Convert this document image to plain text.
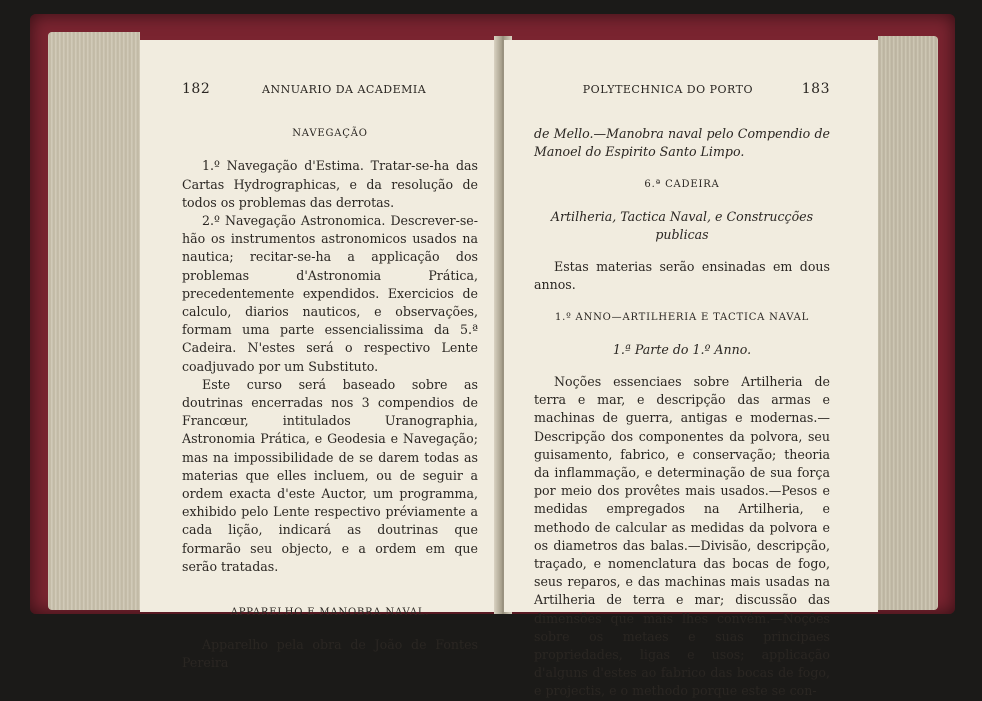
182	ANNUARIO DA ACADEMIA
NAVEGAÇÃO

1.º Navegação d'Estima. Tratar-se-ha das Cartas Hydrographicas, e da resolução de todos os problemas das derrotas.

2.º Navegação Astronomica. Descrever-se-hão os instrumentos astronomicos usados na nautica; recitar-se-ha a applicação dos problemas d'Astronomia Prática, precedentemente expendidos. Exercicios de calculo, diarios nauticos, e observações, formam uma parte essencialissima da 5.ª Cadeira. N'estes será o respectivo Lente coadjuvado por um Substituto.

Este curso será baseado sobre as doutrinas encerradas nos 3 compendios de Francœur, intitulados Uranographia, Astronomia Prática, e Geodesia e Navegação; mas na impossibilidade de se darem todas as materias que elles incluem, ou de seguir a ordem exacta d'este Auctor, um programma, exhibido pelo Lente respectivo préviamente a cada lição, indicará as doutrinas que formarão seu objecto, e a ordem em que serão tratadas.

APPARELHO E MANOBRA NAVAL.

Apparelho pela obra de João de Fontes Pereira

POLYTECHNICA DO PORTO	183

de Mello.—Manobra naval pelo Compendio de Manoel do Espirito Santo Limpo.

6.ª CADEIRA
Artilheria, Tactica Naval, e Construcções publicas

Estas materias serão ensinadas em dous annos.

1.º ANNO—ARTILHERIA E TACTICA NAVAL
1.ª Parte do 1.º Anno.

Noções essenciaes sobre Artilheria de terra e mar, e descripção das armas e machinas de guerra, antigas e modernas.—Descripção dos componentes da polvora, seu guisamento, fabrico, e conservação; theoria da inflammação, e determinação de sua força por meio dos provêtes mais usados.—Pesos e medidas empregados na Artilheria, e methodo de calcular as medidas da polvora e os diametros das balas.—Divisão, descripção, traçado, e nomenclatura das bocas de fogo, seus reparos, e das machinas mais usadas na Artilheria de terra e mar; discussão das dimensões que mais lhes convém.—Noções sobre os metaes e suas principaes propriedades, ligas e usos; applicação d'alguns d'estes ao fabrico das bocas de fogo, e projectis, e o methodo porque este se con-
